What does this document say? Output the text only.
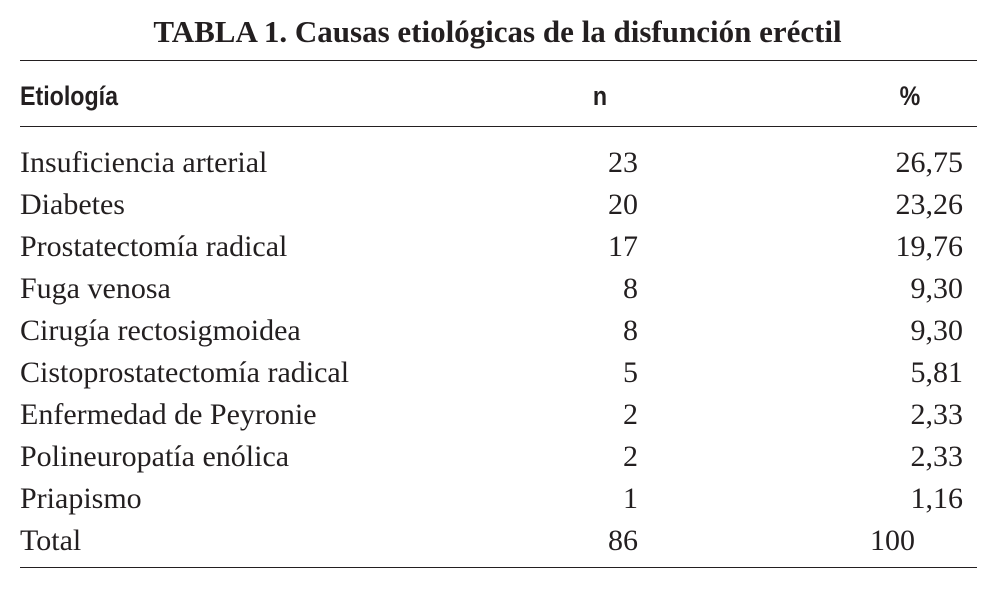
TABLA 1. Causas etiológicas de la disfunción eréctil
Etiología	n	%
Insuficiencia arterial	23	26,75
Diabetes	20	23,26
Prostatectomía radical	17	19,76
Fuga venosa	8	9,30
Cirugía rectosigmoidea	8	9,30
Cistoprostatectomía radical	5	5,81
Enfermedad de Peyronie	2	2,33
Polineuropatía enólica	2	2,33
Priapismo	1	1,16
Total	86	100
